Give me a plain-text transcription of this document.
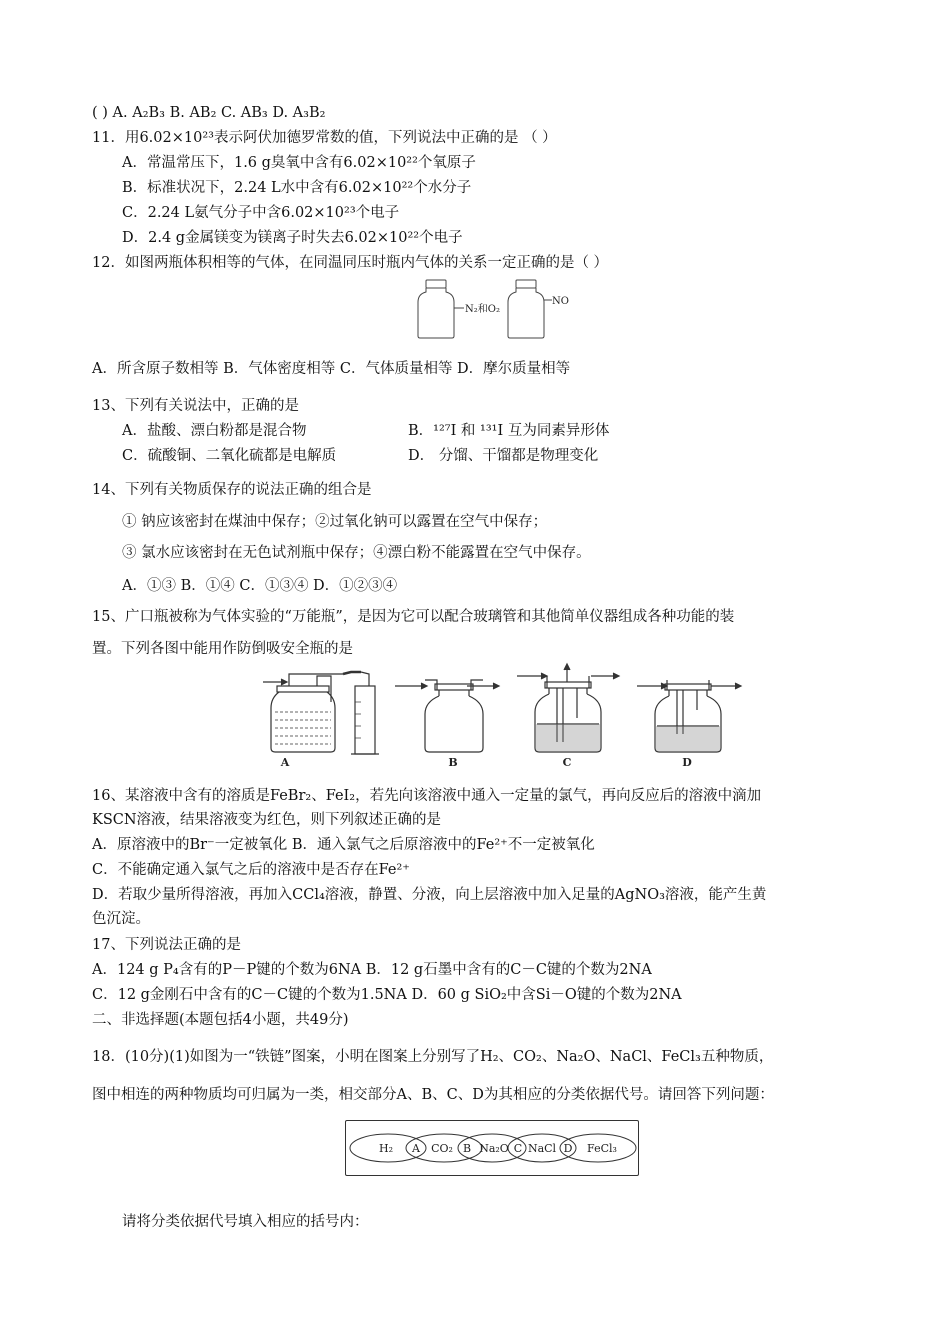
( ) A. A₂B₃ B. AB₂ C. AB₃ D. A₃B₂
11．用6.02×10²³表示阿伏加德罗常数的值，下列说法中正确的是 （ ）
A．常温常压下，1.6 g臭氧中含有6.02×10²²个氧原子
B．标准状况下，2.24 L水中含有6.02×10²²个水分子
C．2.24 L氨气分子中含6.02×10²³个电子
D．2.4 g金属镁变为镁离子时失去6.02×10²²个电子
12．如图两瓶体积相等的气体，在同温同压时瓶内气体的关系一定正确的是（ ）
N₂和O₂
NO
A．所含原子数相等 B．气体密度相等 C．气体质量相等 D．摩尔质量相等
13、下列有关说法中，正确的是
A．盐酸、漂白粉都是混合物	B．¹²⁷I 和 ¹³¹I 互为同素异形体
C．硫酸铜、二氧化硫都是电解质	D． 分馏、干馏都是物理变化
14、下列有关物质保存的说法正确的组合是
① 钠应该密封在煤油中保存；②过氧化钠可以露置在空气中保存；
③ 氯水应该密封在无色试剂瓶中保存；④漂白粉不能露置在空气中保存。
A．①③ B．①④ C．①③④ D．①②③④
15、广口瓶被称为气体实验的“万能瓶”，是因为它可以配合玻璃管和其他简单仪器组成各种功能的装
置。下列各图中能用作防倒吸安全瓶的是
A	B	C	D
16、某溶液中含有的溶质是FeBr₂、FeI₂，若先向该溶液中通入一定量的氯气，再向反应后的溶液中滴加
KSCN溶液，结果溶液变为红色，则下列叙述正确的是
A．原溶液中的Br⁻一定被氧化 B．通入氯气之后原溶液中的Fe²⁺不一定被氧化
C．不能确定通入氯气之后的溶液中是否存在Fe²⁺
D．若取少量所得溶液，再加入CCl₄溶液，静置、分液，向上层溶液中加入足量的AgNO₃溶液，能产生黄
色沉淀。
17、下列说法正确的是
A．124 g P₄含有的P－P键的个数为6NA B．12 g石墨中含有的C－C键的个数为2NA
C．12 g金刚石中含有的C－C键的个数为1.5NA D．60 g SiO₂中含Si－O键的个数为2NA
二、非选择题(本题包括4小题，共49分)
18．(10分)(1)如图为一“铁链”图案，小明在图案上分别写了H₂、CO₂、Na₂O、NaCl、FeCl₃五种物质，
图中相连的两种物质均可归属为一类，相交部分A、B、C、D为其相应的分类依据代号。请回答下列问题：
H₂	CO₂ Na₂O NaCl	FeCl₃
A	B	C	D
请将分类依据代号填入相应的括号内：
